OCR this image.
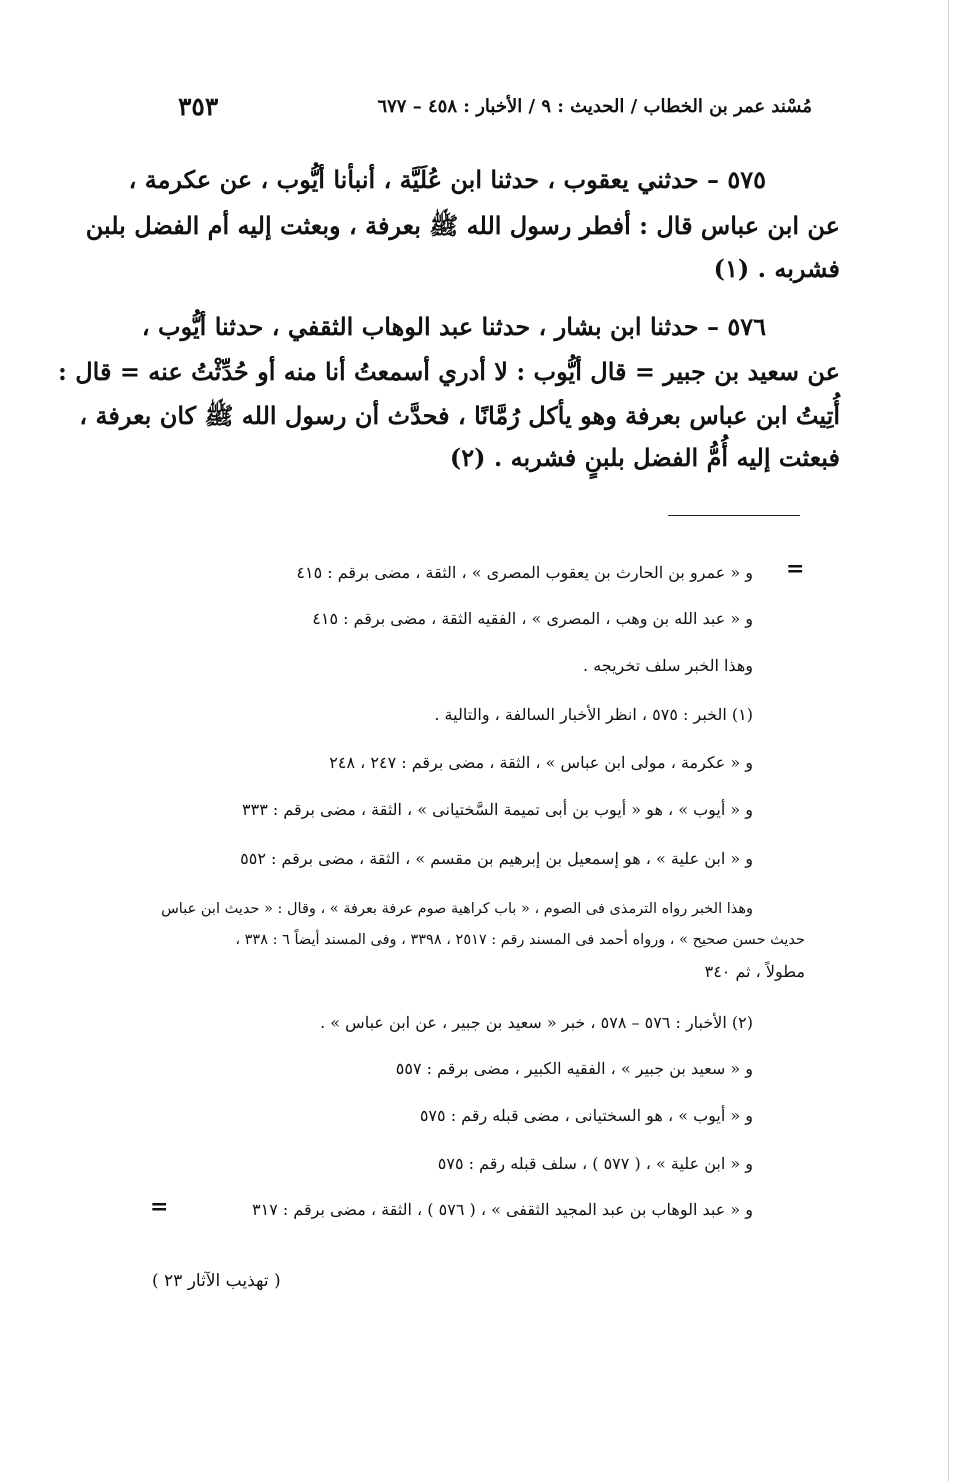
٣٥٣	مُسْند عمر بن الخطاب / الحديث : ٩ / الأخبار : ٤٥٨ – ٦٧٧
٥٧٥ – حدثني يعقوب ، حدثنا ابن عُلَيَّة ، أنبأنا أيُّوب ، عن عكرمة ،
عن ابن عباس قال : أفطر رسول الله ﷺ بعرفة ، وبعثت إليه أم الفضل بلبن
فشربه . (١)
٥٧٦ – حدثنا ابن بشار ، حدثنا عبد الوهاب الثقفي ، حدثنا أيُّوب ،
عن سعيد بن جبير = قال أيُّوب : لا أدري أسمعتُ أنا منه أو حُدِّثْتُ عنه = قال :
أُتِيتُ ابن عباس بعرفة وهو يأكل رُمَّانًا ، فحدَّث أن رسول الله ﷺ كان بعرفة ،
فبعثت إليه أُمُّ الفضل بلبنٍ فشربه . (٢)
=
و « عمرو بن الحارث بن يعقوب المصرى » ، الثقة ، مضى برقم : ٤١٥
و « عبد الله بن وهب ، المصرى » ، الفقيه الثقة ، مضى برقم : ٤١٥
وهذا الخبر سلف تخريجه .
(١) الخبر : ٥٧٥ ، انظر الأخبار السالفة ، والتالية .
و « عكرمة ، مولى ابن عباس » ، الثقة ، مضى برقم : ٢٤٧ ، ٢٤٨
و « أيوب » ، هو « أيوب بن أبى تميمة السَّختيانى » ، الثقة ، مضى برقم : ٣٣٣
و « ابن علية » ، هو إسمعيل بن إبرهيم بن مقسم » ، الثقة ، مضى برقم : ٥٥٢
وهذا الخبر رواه الترمذى فى الصوم ، « باب كراهية صوم عرفة بعرفة » ، وقال : « حديث ابن عباس
حديث حسن صحيح » ، ورواه أحمد فى المسند رقم : ٢٥١٧ ، ٣٣٩٨ ، وفى المسند أيضاً ٦ : ٣٣٨ ،
مطولاً ، ثم ٣٤٠
(٢) الأخبار : ٥٧٦ – ٥٧٨ ، خبر « سعيد بن جبير ، عن ابن عباس » .
و « سعيد بن جبير » ، الفقيه الكبير ، مضى برقم : ٥٥٧
و « أيوب » ، هو السختيانى ، مضى قبله رقم : ٥٧٥
و « ابن علية » ، ( ٥٧٧ ) ، سلف قبله رقم : ٥٧٥
و « عبد الوهاب بن عبد المجيد الثقفى » ، ( ٥٧٦ ) ، الثقة ، مضى برقم : ٣١٧
=
( تهذيب الآثار ٢٣ )
